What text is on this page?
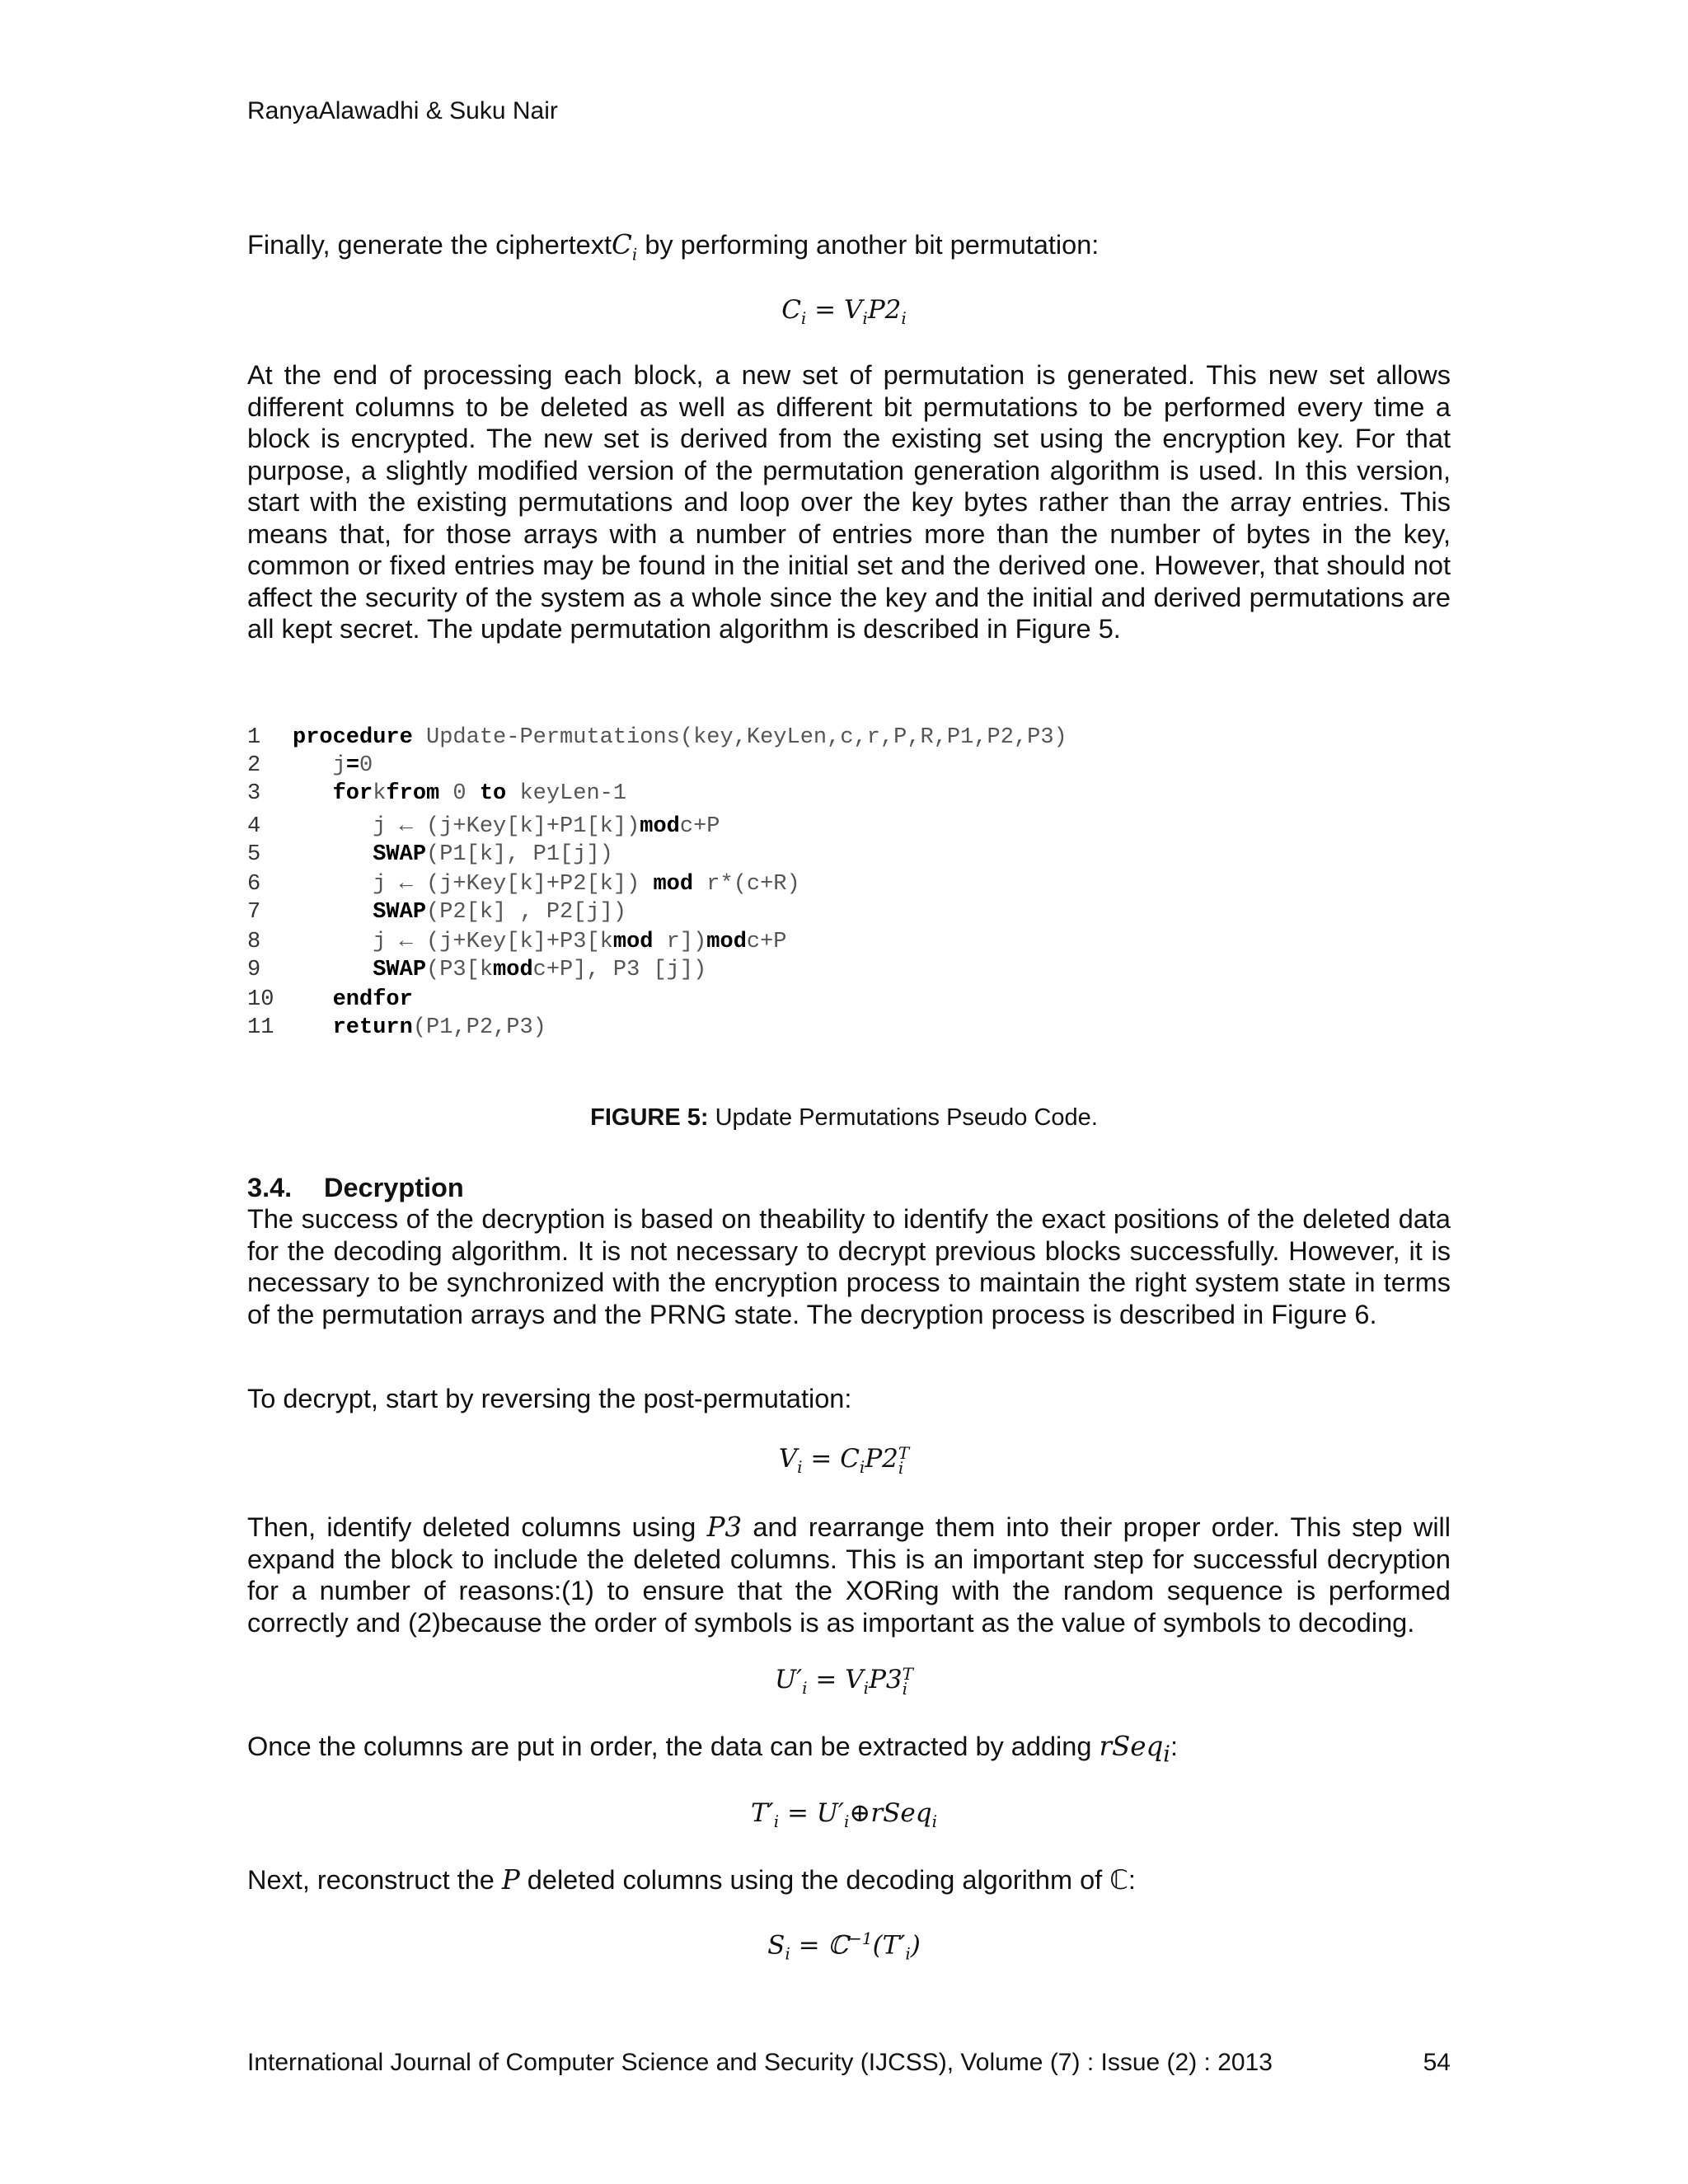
RanyaAlawadhi & Suku Nair
Finally, generate the ciphertextC$_i$ by performing another bit permutation:
$C_i = V_iP2_i$
At the end of processing each block, a new set of permutation is generated. This new set allows different columns to be deleted as well as different bit permutations to be performed every time a block is encrypted. The new set is derived from the existing set using the encryption key. For that purpose, a slightly modified version of the permutation generation algorithm is used. In this version, start with the existing permutations and loop over the key bytes rather than the array entries. This means that, for those arrays with a number of entries more than the number of bytes in the key, common or fixed entries may be found in the initial set and the derived one. However, that should not affect the security of the system as a whole since the key and the initial and derived permutations are all kept secret. The update permutation algorithm is described in Figure 5.
1 procedure Update-Permutations(key,KeyLen,c,r,P,R,P1,P2,P3)
2 j=0
3	forkfrom 0 to keyLen-1
4 j ← (j+Key[k]+P1[k])modc+P
5	SWAP(P1[k], P1[j])
6 j ← (j+Key[k]+P2[k]) mod r*(c+R)
7	SWAP(P2[k] , P2[j])
8 j ← (j+Key[k]+P3[kmod r])modc+P
9	SWAP(P3[kmodc+P], P3 [j])
10	endfor
11	return(P1,P2,P3)
FIGURE 5: Update Permutations Pseudo Code.
3.4. Decryption
The success of the decryption is based on theability to identify the exact positions of the deleted data for the decoding algorithm. It is not necessary to decrypt previous blocks successfully. However, it is necessary to be synchronized with the encryption process to maintain the right system state in terms of the permutation arrays and the PRNG state. The decryption process is described in Figure 6.
To decrypt, start by reversing the post-permutation:
$V_i = C_iP2$ T
i
Then, identify deleted columns using P3 and rearrange them into their proper order. This step will expand the block to include the deleted columns. This is an important step for successful decryption for a number of reasons:(1) to ensure that the XORing with the random sequence is performed correctly and (2)because the order of symbols is as important as the value of symbols to decoding.
$U'_i = V_iP3$ T
i
Once the columns are put in order, the data can be extracted by adding rSeq$_i$:
$T'_i$ = $U'_i\oplus rSeq_i$
Next, reconstruct the P deleted columns using the decoding algorithm of ℂ:
$S_i$ = $ℂ^{-1}(T'_i)$
International Journal of Computer Science and Security (IJCSS), Volume (7) : Issue (2) : 2013	54
